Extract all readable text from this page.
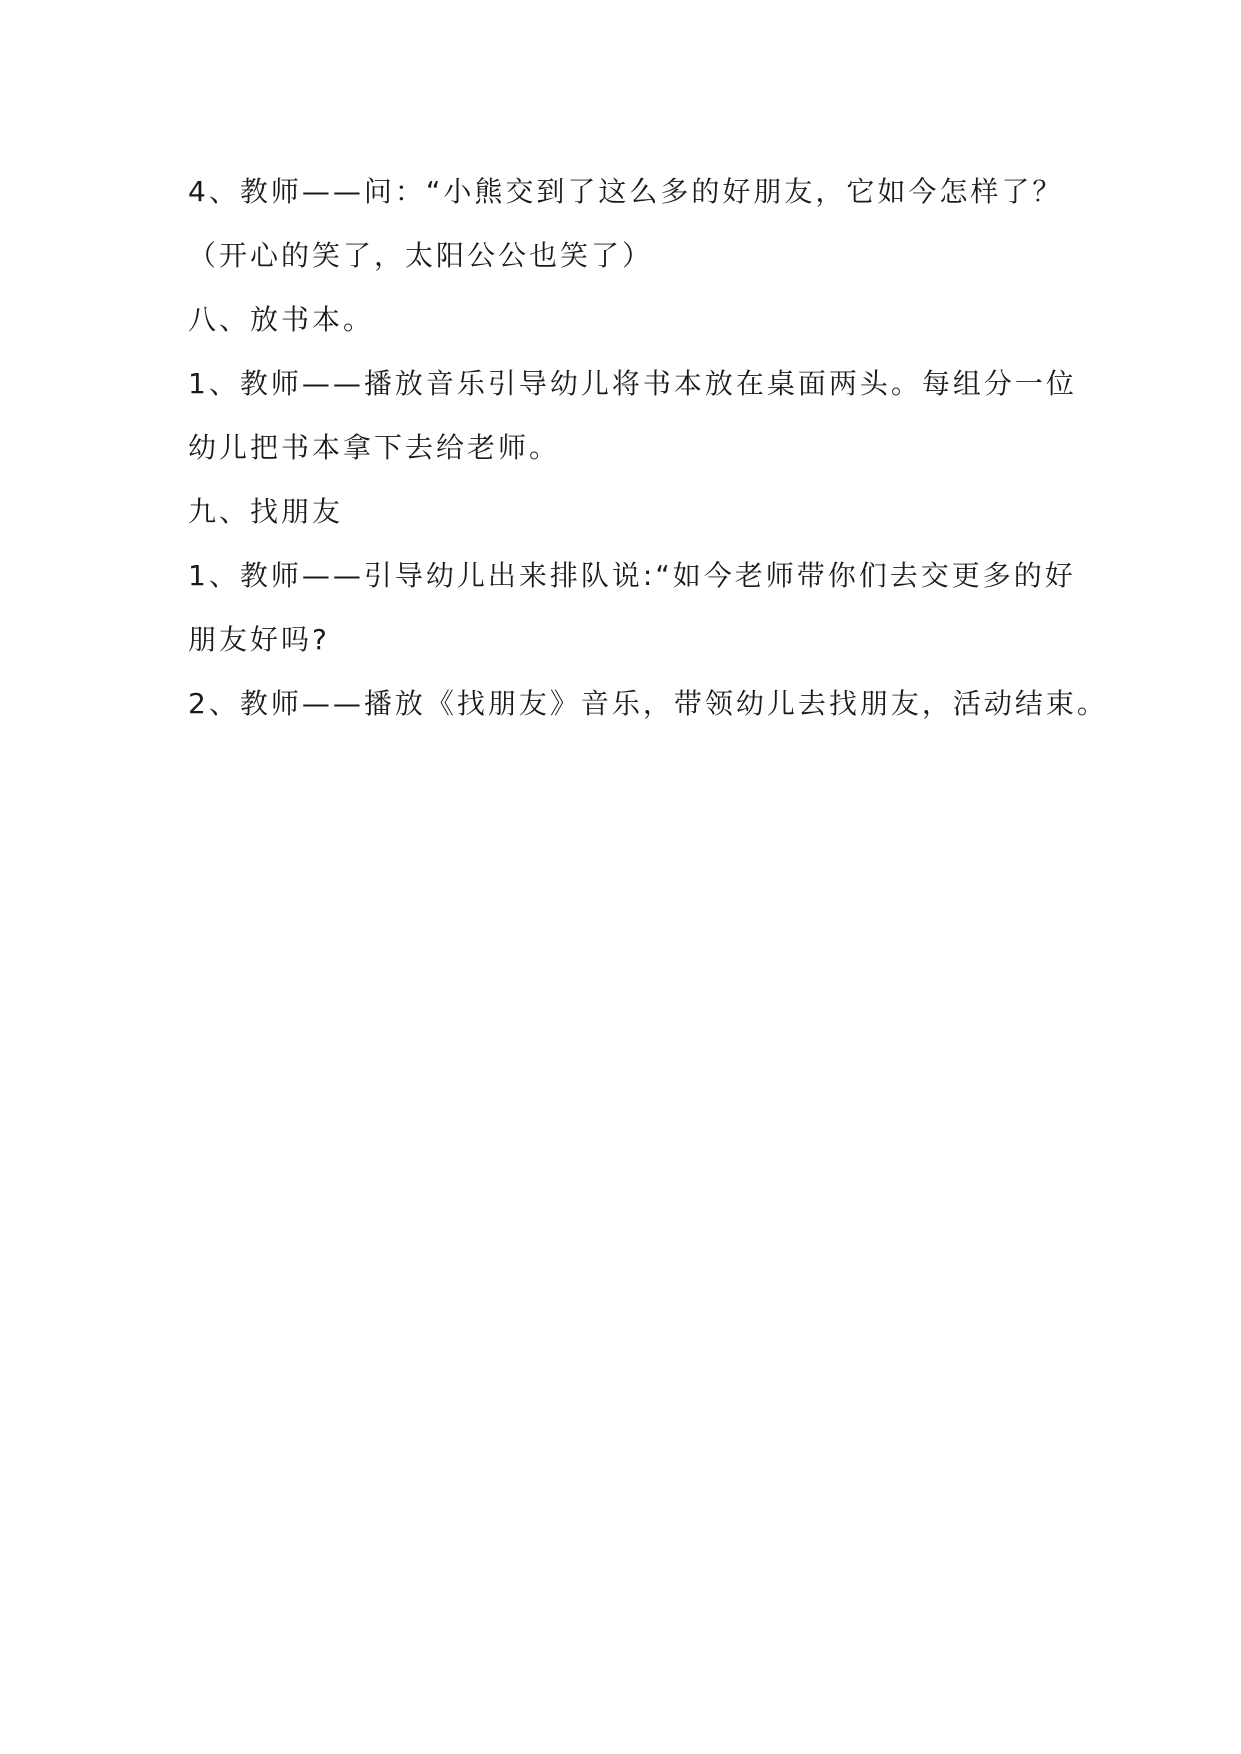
4、教师——问：“小熊交到了这么多的好朋友，它如今怎样了？
（开心的笑了，太阳公公也笑了）
八、放书本。
1、教师——播放音乐引导幼儿将书本放在桌面两头。每组分一位
幼儿把书本拿下去给老师。
九、找朋友
1、教师——引导幼儿出来排队说:“如今老师带你们去交更多的好
朋友好吗?
2、教师——播放《找朋友》音乐，带领幼儿去找朋友，活动结束。
